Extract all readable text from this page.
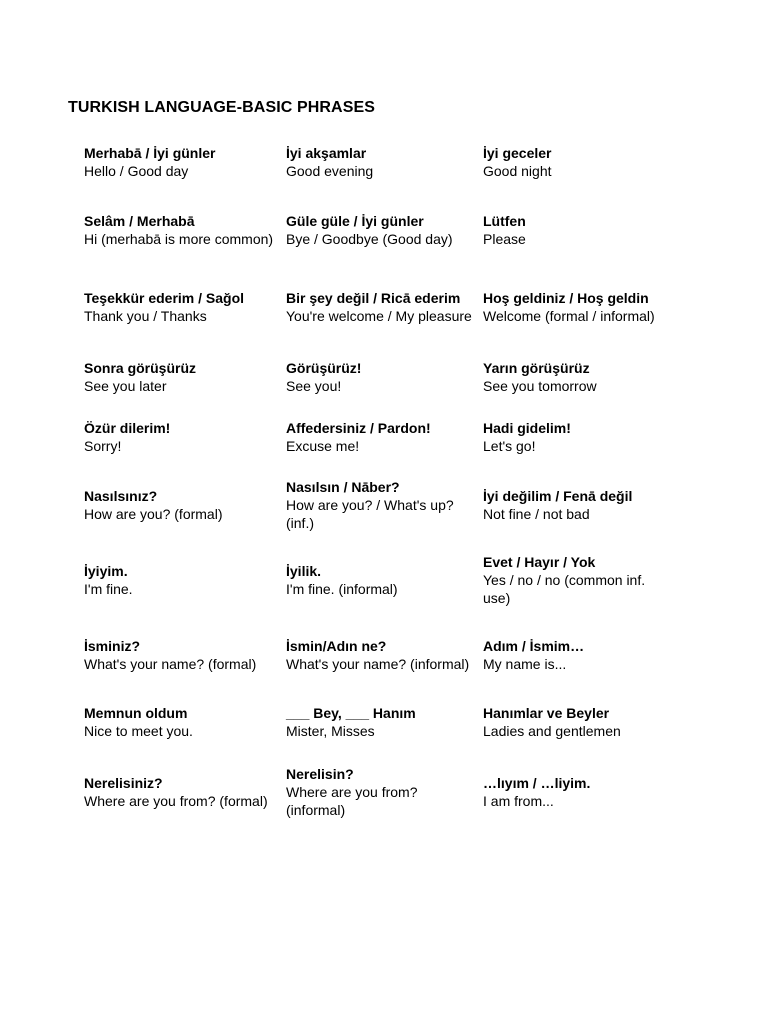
TURKISH LANGUAGE-BASIC PHRASES
Merhabā / İyi günler
Hello / Good day
İyi akşamlar
Good evening
İyi geceler
Good night
Selâm / Merhabā
Hi (merhabā is more common)
Güle güle / İyi günler
Bye / Goodbye (Good day)
Lütfen
Please
Teşekkür ederim / Sağol
Thank you / Thanks
Bir şey değil / Ricā ederim
You're welcome / My pleasure
Hoş geldiniz / Hoş geldin
Welcome (formal / informal)
Sonra görüşürüz
See you later
Görüşürüz!
See you!
Yarın görüşürüz
See you tomorrow
Özür dilerim!
Sorry!
Affedersiniz / Pardon!
Excuse me!
Hadi gidelim!
Let's go!
Nasılsınız?
How are you? (formal)
Nasılsın / Nāber?
How are you? / What's up? (inf.)
İyi değilim / Fenā değil
Not fine / not bad
İyiyim.
I'm fine.
İyilik.
I'm fine. (informal)
Evet / Hayır / Yok
Yes / no / no (common inf. use)
İsminiz?
What's your name? (formal)
İsmin/Adın ne?
What's your name? (informal)
Adım / İsmim…
My name is...
Memnun oldum
Nice to meet you.
___ Bey, ___ Hanım
Mister, Misses
Hanımlar ve Beyler
Ladies and gentlemen
Nerelisiniz?
Where are you from? (formal)
Nerelisin?
Where are you from? (informal)
…lıyım / …liyim.
I am from...
